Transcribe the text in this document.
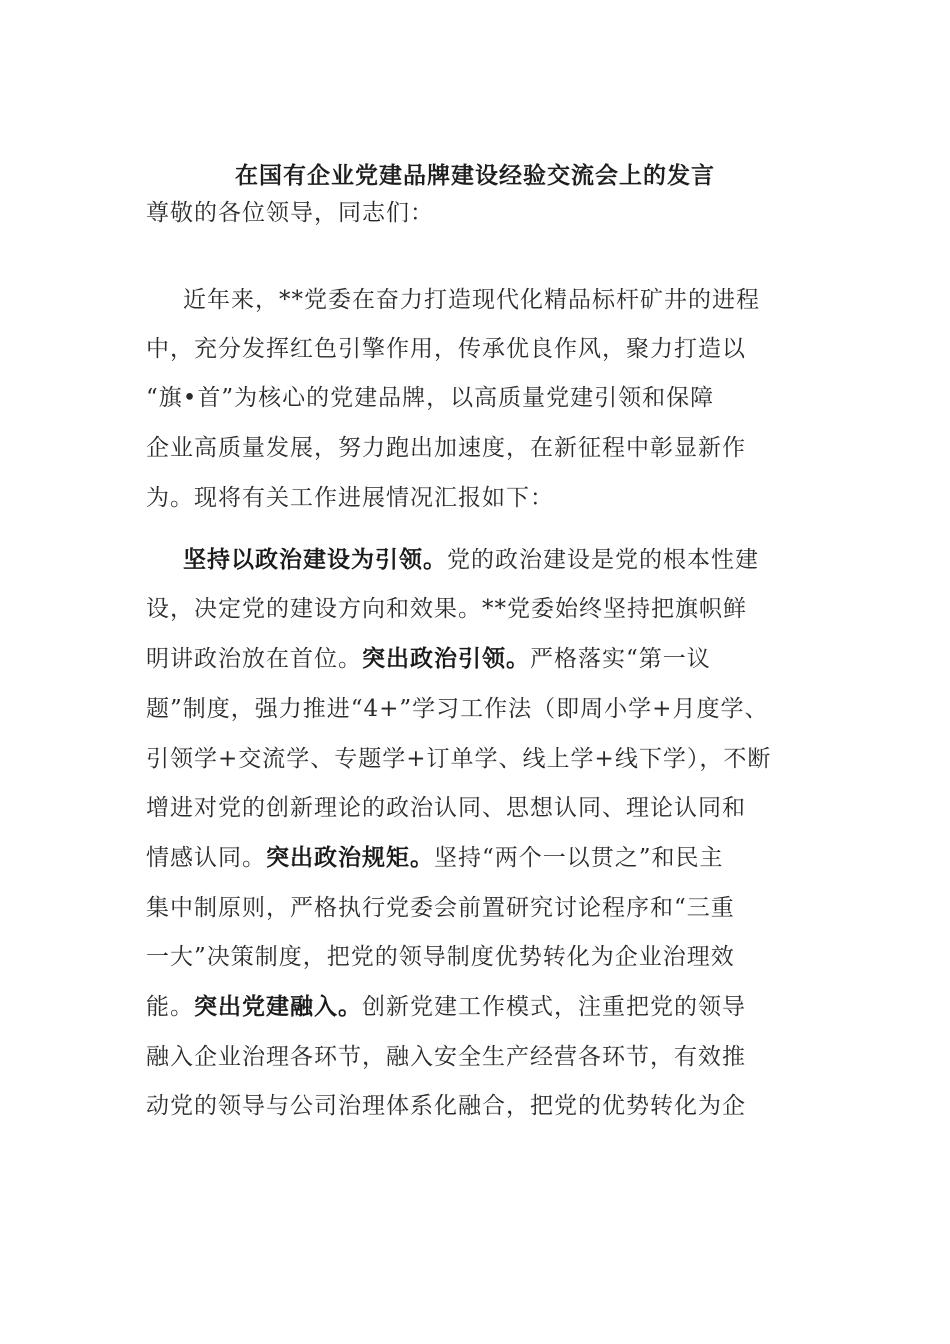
在国有企业党建品牌建设经验交流会上的发言
尊敬的各位领导，同志们：
近年来，**党委在奋力打造现代化精品标杆矿井的进程
中，充分发挥红色引擎作用，传承优良作风，聚力打造以
“旗•首”为核心的党建品牌，以高质量党建引领和保障
企业高质量发展，努力跑出加速度，在新征程中彰显新作
为。现将有关工作进展情况汇报如下：
坚持以政治建设为引领。党的政治建设是党的根本性建
设，决定党的建设方向和效果。**党委始终坚持把旗帜鲜
明讲政治放在首位。突出政治引领。严格落实“第一议
题”制度，强力推进“4+”学习工作法（即周小学+月度学、
引领学+交流学、专题学+订单学、线上学+线下学），不断
增进对党的创新理论的政治认同、思想认同、理论认同和
情感认同。突出政治规矩。坚持“两个一以贯之”和民主
集中制原则，严格执行党委会前置研究讨论程序和“三重
一大”决策制度，把党的领导制度优势转化为企业治理效
能。突出党建融入。创新党建工作模式，注重把党的领导
融入企业治理各环节，融入安全生产经营各环节，有效推
动党的领导与公司治理体系化融合，把党的优势转化为企
